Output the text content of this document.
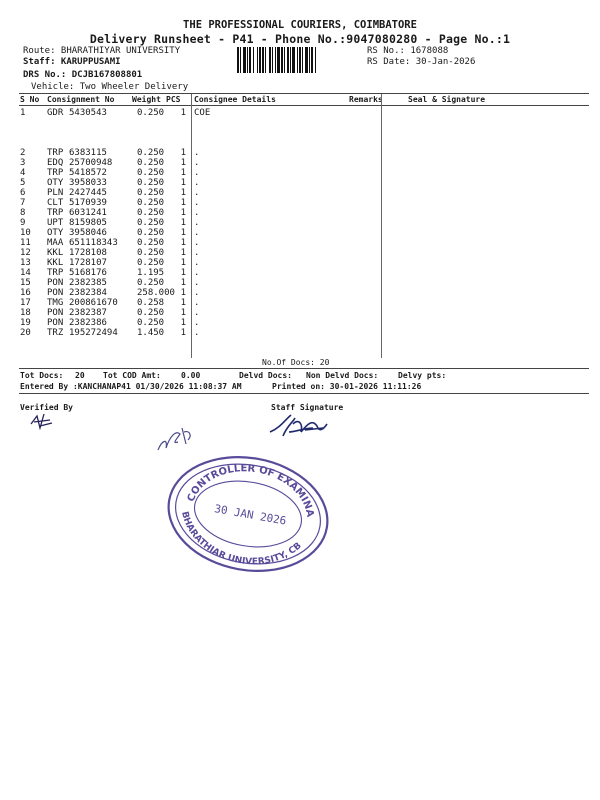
THE PROFESSIONAL COURIERS, COIMBATORE
Delivery Runsheet - P41 - Phone No.:9047080280 - Page No.:1
Route: BHARATHIYAR UNIVERSITY
Staff: KARUPPUSAMI
DRS No.: DCJB167808801
Vehicle: Two Wheeler Delivery
RS No.: 1678088
RS Date: 30-Jan-2026
S No Consignment No Weight PCS Consignee Details	Remarks	Seal & Signature
1 GDR 5430543	0.250	1 COE
2 TRP 6383115	0.250	1 .
3 EDQ 25700948	0.250	1 .
4 TRP 5418572	0.250	1 .
5 OTY 3958033	0.250	1 .
6 PLN 2427445	0.250	1 .
7 CLT 5170939	0.250	1 .
8 TRP 6031241	0.250	1 .
9 UPT 8159805	0.250	1 .
10 OTY 3958046	0.250	1 .
11 MAA 651118343 0.250	1 .
12 KKL 1728108	0.250	1 .
13 KKL 1728107	0.250	1 .
14 TRP 5168176	1.195	1 .
15 PON 2382385	0.250	1 .
16 PON 2382384	258.000 1 .
17 TMG 200861670 0.258	1 .
18 PON 2382387	0.250	1 .
19 PON 2382386	0.250	1 .
20 TRZ 195272494 1.450	1 .
No.Of Docs: 20
Tot Docs: 20 Tot COD Amt:	0.00	Delvd Docs: Non Delvd Docs: Delvy pts:
Entered By :KANCHANAP41 01/30/2026 11:08:37 AM	Printed on: 30-01-2026 11:11:26
Verified By	Staff Signature
CONTROLLER OF EXAMINATIONS
BHARATHIAR UNIVERSITY, CBE-46
30 JAN 2026
